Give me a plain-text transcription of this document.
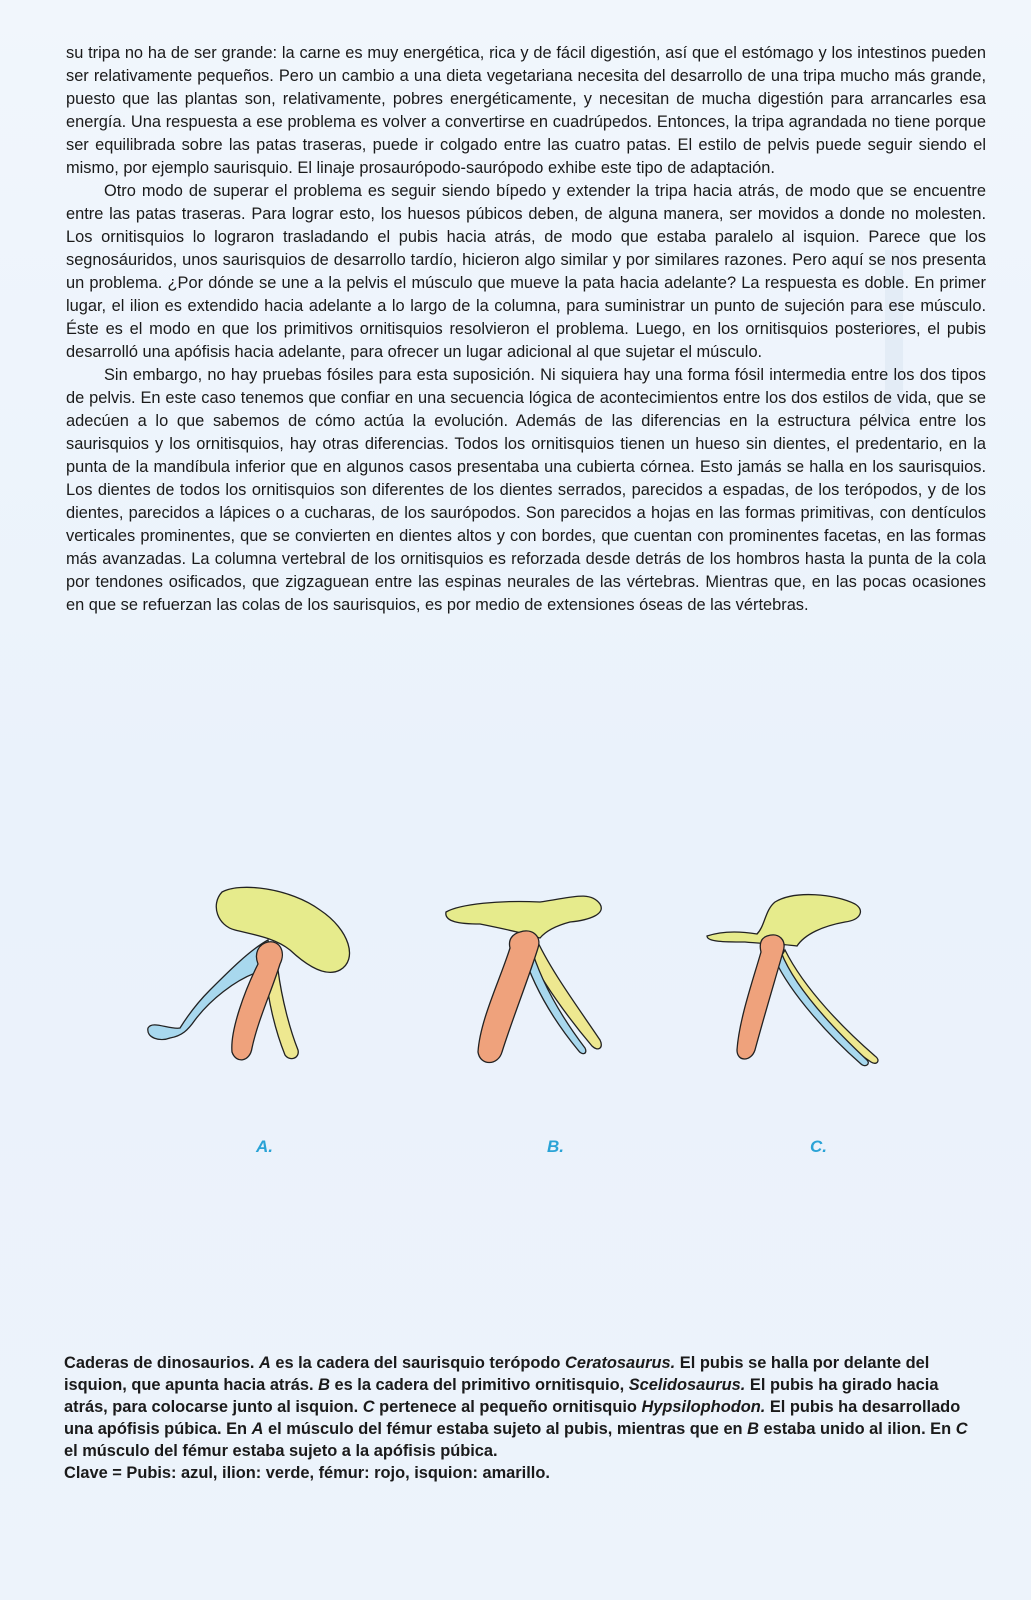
▬▬▬

su tripa no ha de ser grande: la carne es muy energética, rica y de fácil digestión, así que el estómago y los intestinos pueden ser relativamente pequeños. Pero un cambio a una dieta vegetariana necesita del desarrollo de una tripa mucho más grande, puesto que las plantas son, relativamente, pobres energéticamente, y necesitan de mucha digestión para arrancarles esa energía. Una respuesta a ese problema es volver a convertirse en cuadrúpedos. Entonces, la tripa agrandada no tiene porque ser equilibrada sobre las patas traseras, puede ir colgado entre las cuatro patas. El estilo de pelvis puede seguir siendo el mismo, por ejemplo saurisquio. El linaje prosaurópodo-saurópodo exhibe este tipo de adaptación.

Otro modo de superar el problema es seguir siendo bípedo y extender la tripa hacia atrás, de modo que se encuentre entre las patas traseras. Para lograr esto, los huesos púbicos deben, de alguna manera, ser movidos a donde no molesten. Los ornitisquios lo lograron trasladando el pubis hacia atrás, de modo que estaba paralelo al isquion. Parece que los segnosáuridos, unos saurisquios de desarrollo tardío, hicieron algo similar y por similares razones. Pero aquí se nos presenta un problema. ¿Por dónde se une a la pelvis el músculo que mueve la pata hacia adelante? La respuesta es doble. En primer lugar, el ilion es extendido hacia adelante a lo largo de la columna, para suministrar un punto de sujeción para ese músculo. Éste es el modo en que los primitivos ornitisquios resolvieron el problema. Luego, en los ornitisquios posteriores, el pubis desarrolló una apófisis hacia adelante, para ofrecer un lugar adicional al que sujetar el músculo.

Sin embargo, no hay pruebas fósiles para esta suposición. Ni siquiera hay una forma fósil intermedia entre los dos tipos de pelvis. En este caso tenemos que confiar en una secuencia lógica de acontecimientos entre los dos estilos de vida, que se adecúen a lo que sabemos de cómo actúa la evolución. Además de las diferencias en la estructura pélvica entre los saurisquios y los ornitisquios, hay otras diferencias. Todos los ornitisquios tienen un hueso sin dientes, el predentario, en la punta de la mandíbula inferior que en algunos casos presentaba una cubierta córnea. Esto jamás se halla en los saurisquios. Los dientes de todos los ornitisquios son diferentes de los dientes serrados, parecidos a espadas, de los terópodos, y de los dientes, parecidos a lápices o a cucharas, de los saurópodos. Son parecidos a hojas en las formas primitivas, con dentículos verticales prominentes, que se convierten en dientes altos y con bordes, que cuentan con prominentes facetas, en las formas más avanzadas. La columna vertebral de los ornitisquios es reforzada desde detrás de los hombros hasta la punta de la cola por tendones osificados, que zigzaguean entre las espinas neurales de las vértebras. Mientras que, en las pocas ocasiones en que se refuerzan las colas de los saurisquios, es por medio de extensiones óseas de las vértebras.

A.	B.	C.

Caderas de dinosaurios. A es la cadera del saurisquio terópodo Ceratosaurus. El pubis se halla por delante del isquion, que apunta hacia atrás. B es la cadera del primitivo ornitisquio, Scelidosaurus. El pubis ha girado hacia atrás, para colocarse junto al isquion. C pertenece al pequeño ornitisquio Hypsilophodon. El pubis ha desarrollado una apófisis púbica. En A el músculo del fémur estaba sujeto al pubis, mientras que en B estaba unido al ilion. En C el músculo del fémur estaba sujeto a la apófisis púbica.

Clave = Pubis: azul, ilion: verde, fémur: rojo, isquion: amarillo.
